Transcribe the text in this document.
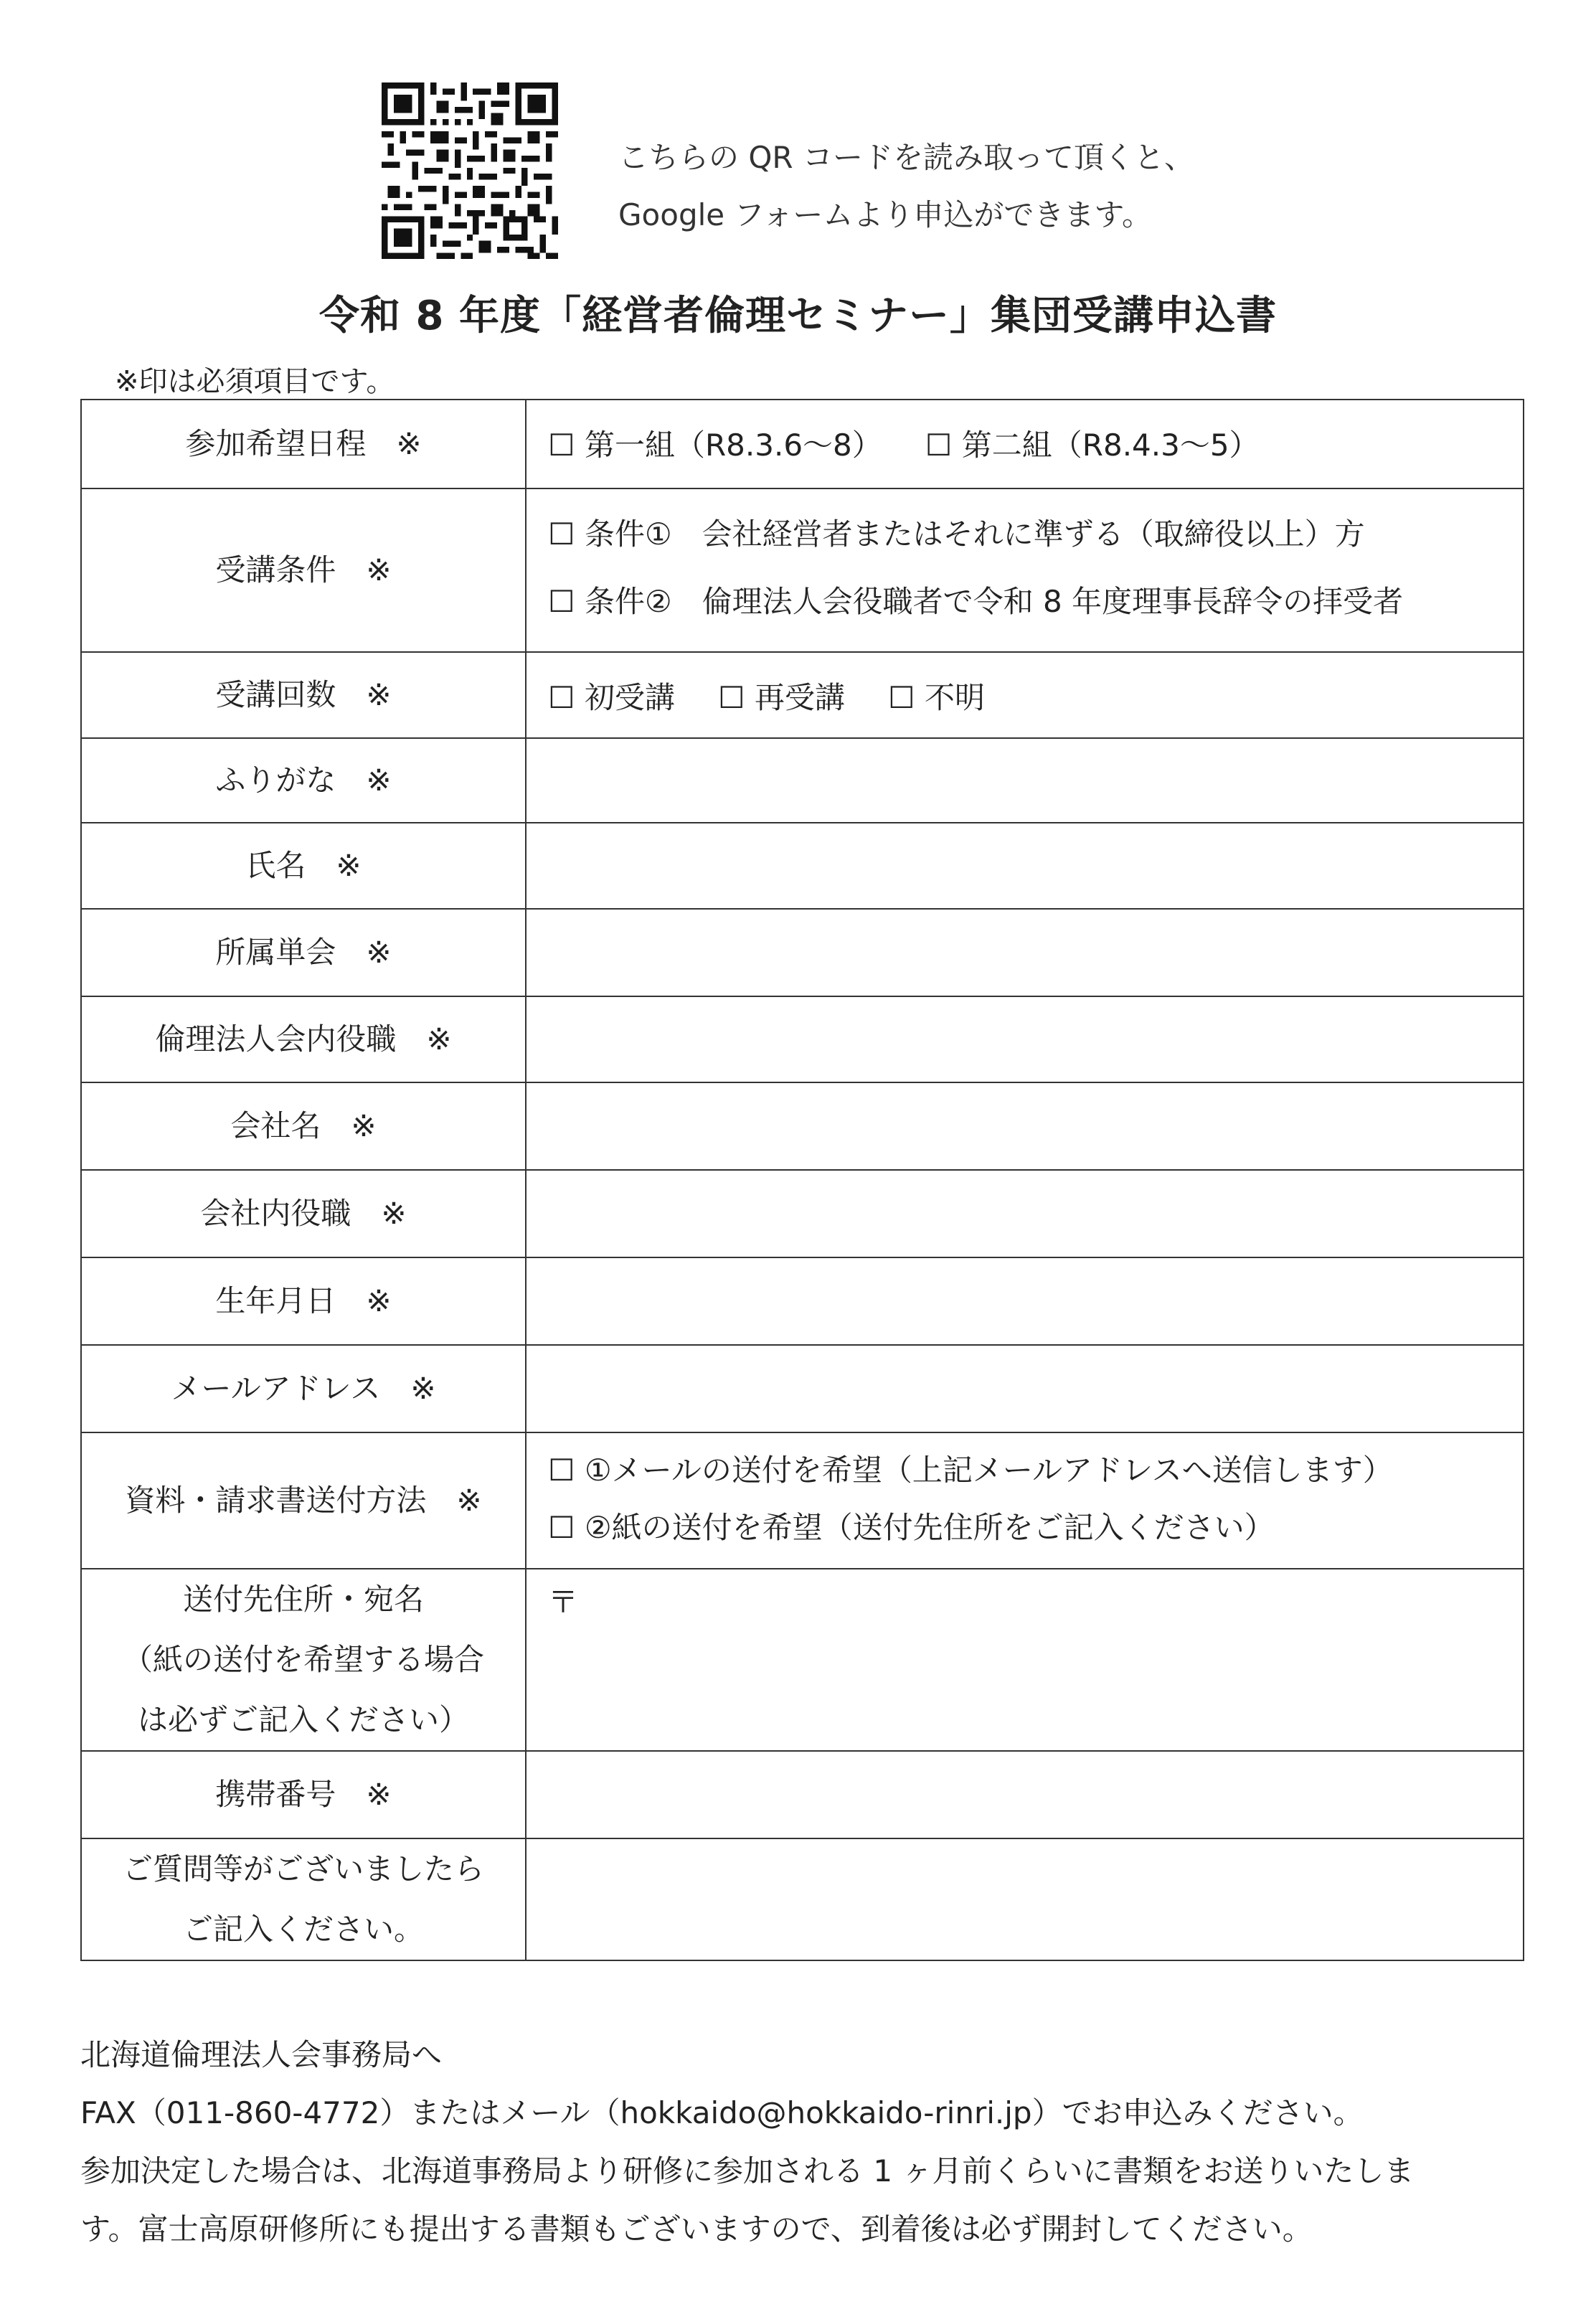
こちらの QR コードを読み取って頂くと、
Google フォームより申込ができます。
令和 8 年度「経営者倫理セミナー」集団受講申込書
※印は必須項目です。
参加希望日程　※	☐ 第一組（R8.3.6～8） ☐ 第二組（R8.4.3～5）

受講条件　※	☐ 条件①　会社経営者またはそれに準ずる（取締役以上）方
☐ 条件②　倫理法人会役職者で令和 8 年度理事長辞令の拝受者

受講回数　※	☐ 初受講 ☐ 再受講 ☐ 不明

ふりがな　※	
氏名　※	
所属単会　※	
倫理法人会内役職　※	
会社名　※	
会社内役職　※	
生年月日　※	
メールアドレス　※	
資料・請求書送付方法　※	☐ ①メールの送付を希望（上記メールアドレスへ送信します）
☐ ②紙の送付を希望（送付先住所をご記入ください）

送付先住所・宛名
（紙の送付を希望する場合
は必ずご記入ください）	〒

携帯番号　※	

ご質問等がございましたら
ご記入ください。	

北海道倫理法人会事務局へ
FAX（011-860-4772）またはメール（hokkaido@hokkaido-rinri.jp）でお申込みください。
参加決定した場合は、北海道事務局より研修に参加される 1 ヶ月前くらいに書類をお送りいたしま
す。富士高原研修所にも提出する書類もございますので、到着後は必ず開封してください。
